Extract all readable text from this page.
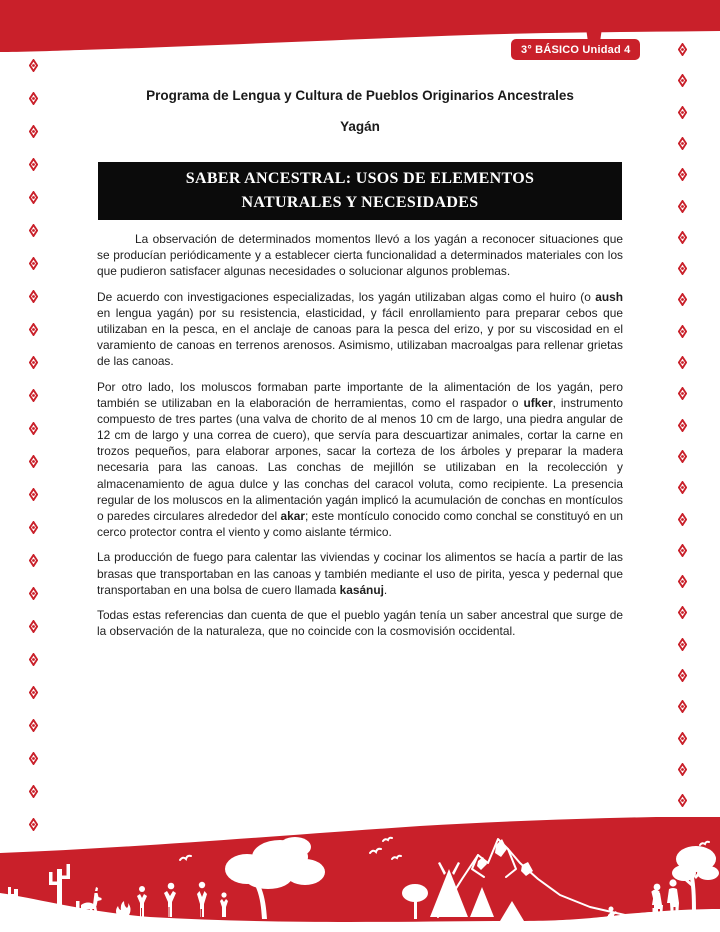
3° BÁSICO Unidad 4
Programa de Lengua y Cultura de Pueblos Originarios Ancestrales
Yagán
SABER ANCESTRAL: USOS DE ELEMENTOS NATURALES Y NECESIDADES

La observación de determinados momentos llevó a los yagán a reconocer situaciones que se producían periódicamente y a establecer cierta funcionalidad a determinados materiales con los que pudieron satisfacer algunas necesidades o solucionar algunos problemas.

De acuerdo con investigaciones especializadas, los yagán utilizaban algas como el huiro (o aush en lengua yagán) por su resistencia, elasticidad, y fácil enrollamiento para preparar cebos que utilizaban en la pesca, en el anclaje de canoas para la pesca del erizo, y por su viscosidad en el varamiento de canoas en terrenos arenosos. Asimismo, utilizaban macroalgas para rellenar grietas de las canoas.

Por otro lado, los moluscos formaban parte importante de la alimentación de los yagán, pero también se utilizaban en la elaboración de herramientas, como el raspador o ufker, instrumento compuesto de tres partes (una valva de chorito de al menos 10 cm de largo, una piedra angular de 12 cm de largo y una correa de cuero), que servía para descuartizar animales, cortar la carne en trozos pequeños, para elaborar arpones, sacar la corteza de los árboles y preparar la madera necesaria para las canoas. Las conchas de mejillón se utilizaban en la recolección y almacenamiento de agua dulce y las conchas del caracol voluta, como recipiente. La presencia regular de los moluscos en la alimentación yagán implicó la acumulación de conchas en montículos o paredes circulares alrededor del akar; este montículo conocido como conchal se constituyó en un cerco protector contra el viento y como aislante térmico.

La producción de fuego para calentar las viviendas y cocinar los alimentos se hacía a partir de las brasas que transportaban en las canoas y también mediante el uso de pirita, yesca y pedernal que transportaban en una bolsa de cuero llamada kasánuj.

Todas estas referencias dan cuenta de que el pueblo yagán tenía un saber ancestral que surge de la observación de la naturaleza, que no coincide con la cosmovisión occidental.
